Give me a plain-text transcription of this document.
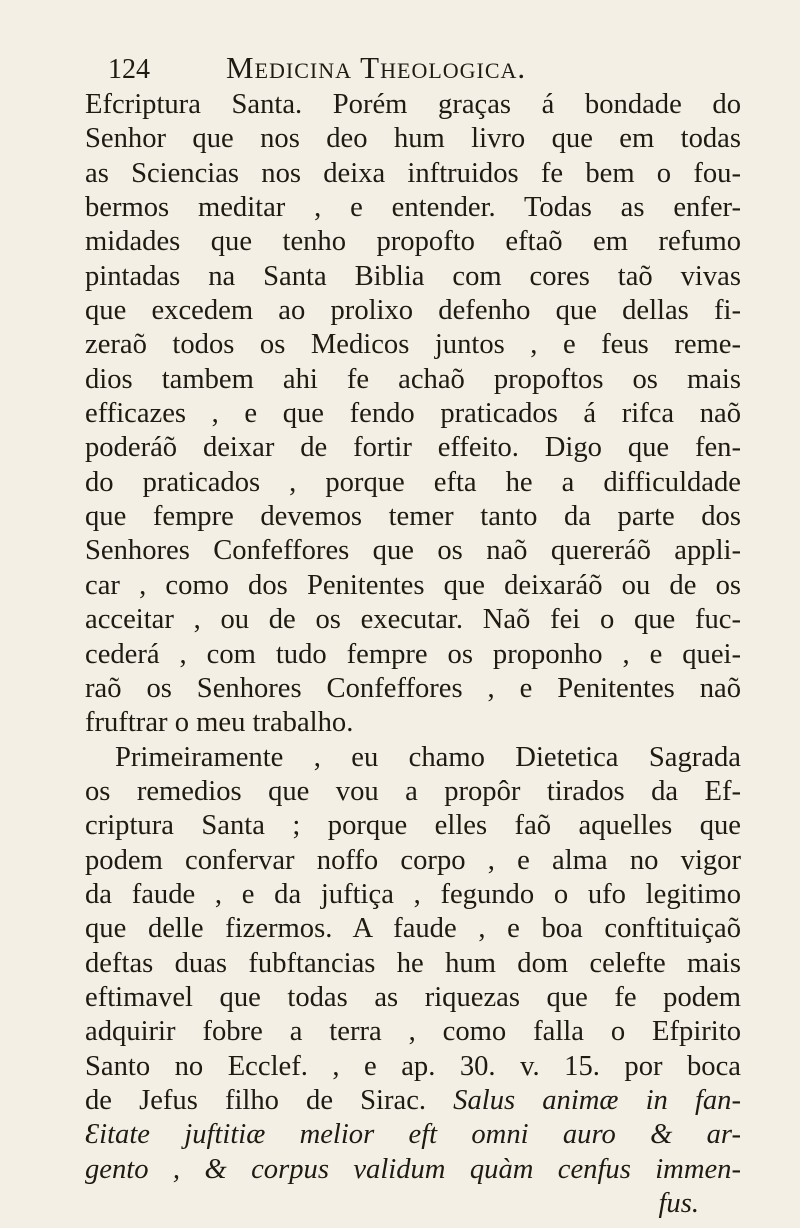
124 Medicina Theologica.
Efcriptura Santa. Porém graças á bondade do
Senhor que nos deo hum livro que em todas
as Sciencias nos deixa inftruidos fe bem o fou-
bermos meditar , e entender. Todas as enfer-
midades que tenho propofto eftaõ em refumo
pintadas na Santa Biblia com cores taõ vivas
que excedem ao prolixo defenho que dellas fi-
zeraõ todos os Medicos juntos , e feus reme-
dios tambem ahi fe achaõ propoftos os mais
efficazes , e que fendo praticados á rifca naõ
poderáõ deixar de fortir effeito. Digo que fen-
do praticados , porque efta he a difficuldade
que fempre devemos temer tanto da parte dos
Senhores Confeffores que os naõ quereráõ appli-
car , como dos Penitentes que deixaráõ ou de os
acceitar , ou de os executar. Naõ fei o que fuc-
cederá , com tudo fempre os proponho , e quei-
raõ os Senhores Confeffores , e Penitentes naõ
fruftrar o meu trabalho.
Primeiramente , eu chamo Dietetica Sagrada
os remedios que vou a propôr tirados da Ef-
criptura Santa ; porque elles faõ aquelles que
podem confervar noffo corpo , e alma no vigor
da faude , e da juftiça , fegundo o ufo legitimo
que delle fizermos. A faude , e boa conftituiçaõ
deftas duas fubftancias he hum dom celefte mais
eftimavel que todas as riquezas que fe podem
adquirir fobre a terra , como falla o Efpirito
Santo no Ecclef. , e ap. 30. v. 15. por boca
de Jefus filho de Sirac. Salus animæ in fan-
Ɛitate juftitiæ melior eft omni auro & ar-
gento , & corpus validum quàm cenfus immen-
fus.
